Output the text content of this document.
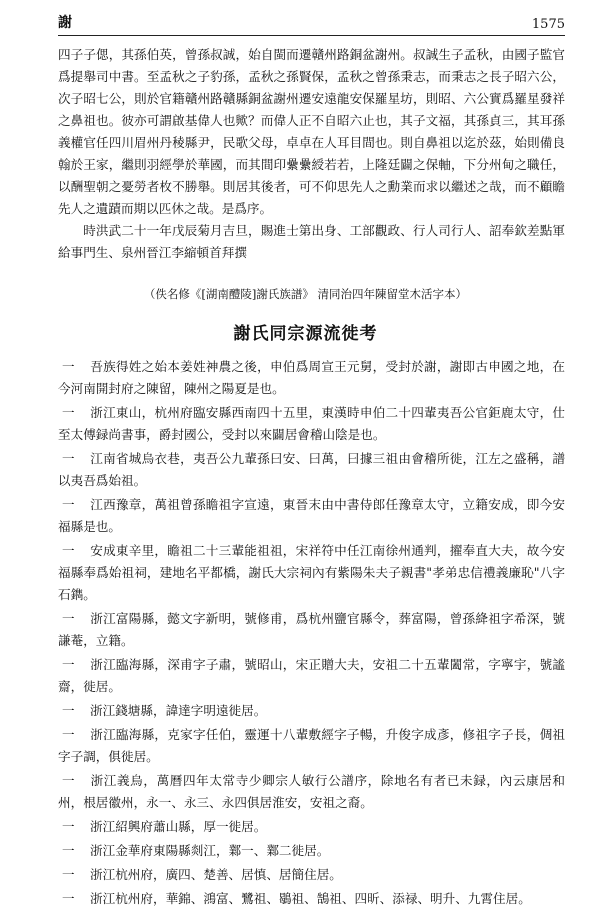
謝	1575

四子子偲，其孫伯英，曾孫叔誠，始自閩而遷贛州路銅盆謝州。叔誠生子孟秋，由國子監官爲提舉司中書。至孟秋之子豹孫，孟秋之孫賢保，孟秋之曾孫秉志，而秉志之長子昭六公，次子昭七公，則於官籍贛州路贛縣銅盆謝州遷安遠龍安保羅星坊，則昭、六公實爲羅星發祥之鼻祖也。彼亦可謂啟基偉人也歟？而偉人正不自昭六止也，其子文福，其孫貞三，其耳孫義權官任四川眉州丹稜縣尹，民歌父母，卓卓在人耳目間也。則自鼻祖以迄於茲，始則備良翰於王家，繼則羽經學於華國，而其間印纍纍綬若若，上隆廷闢之保軸，下分州甸之職任，以酬聖朝之憂勞者枚不勝舉。則居其後者，可不仰思先人之勳業而求以繼述之哉，而不顧瞻先人之遺蹟而期以匹休之哉。是爲序。

時洪武二十一年戊辰菊月吉旦，賜進士第出身、工部觀政、行人司行人、詔奉欽差點軍給事門生、泉州晉江李縮頓首拜撰

（佚名修《[湖南醴陵]謝氏族譜》 清同治四年陳留堂木活字本）
謝氏同宗源流徙考

一 吾族得姓之始本姜姓神農之後，申伯爲周宣王元舅，受封於謝，謝即古申國之地，在今河南開封府之陳留，陳州之陽夏是也。

一 浙江東山，杭州府臨安縣西南四十五里，東漢時申伯二十四輩夷吾公官鉅鹿太守，仕至太傅録尚書事，爵封國公，受封以來闢居會稽山陰是也。

一 江南省城烏衣巷，夷吾公九輩孫曰安、曰萬，曰據三祖由會稽所徙，江左之盛稱，譜以夷吾爲始祖。

一 江西豫章，萬祖曾孫瞻祖字宣遠，東晉末由中書侍郎任豫章太守，立籍安成，即今安福縣是也。

一 安成東辛里，瞻祖二十三輩能祖祖，宋祥符中任江南徐州通判，擢奉直大夫，故今安福縣奉爲始祖祠，建地名平都橋，謝氏大宗祠內有紫陽朱夫子親書"孝弟忠信禮義廉恥"八字石鐫。

一 浙江富陽縣，懿文字新明，號修甫，爲杭州鹽官縣令，葬富陽，曾孫絳祖字希深，號謙菴，立籍。

一 浙江臨海縣，深甫字子肅，號昭山，宋正贈大夫，安祖二十五輩闔常，字寧宇，號謐齋，徙居。

一 浙江錢塘縣，諱達字明遠徙居。

一 浙江臨海縣，克家字任伯，靈運十八輩敷經字子暢，升俊字成彥，修祖字子長，倜祖字子調，俱徙居。

一 浙江義烏，萬曆四年太常寺少卿宗人敏行公譜序，除地名有者已未録，內云康居和州，根居徽州，永一、永三、永四俱居淮安，安祖之裔。

一 浙江紹興府蕭山縣，厚一徙居。

一 浙江金華府東陽縣剡江，鄴一、鄴二徙居。

一 浙江杭州府，廣四、楚善、居慎、居簡住居。

一 浙江杭州府，華錦、鴻富、鷺祖、鶡祖、鵠祖、四昕、添禄、明升、九霄住居。
